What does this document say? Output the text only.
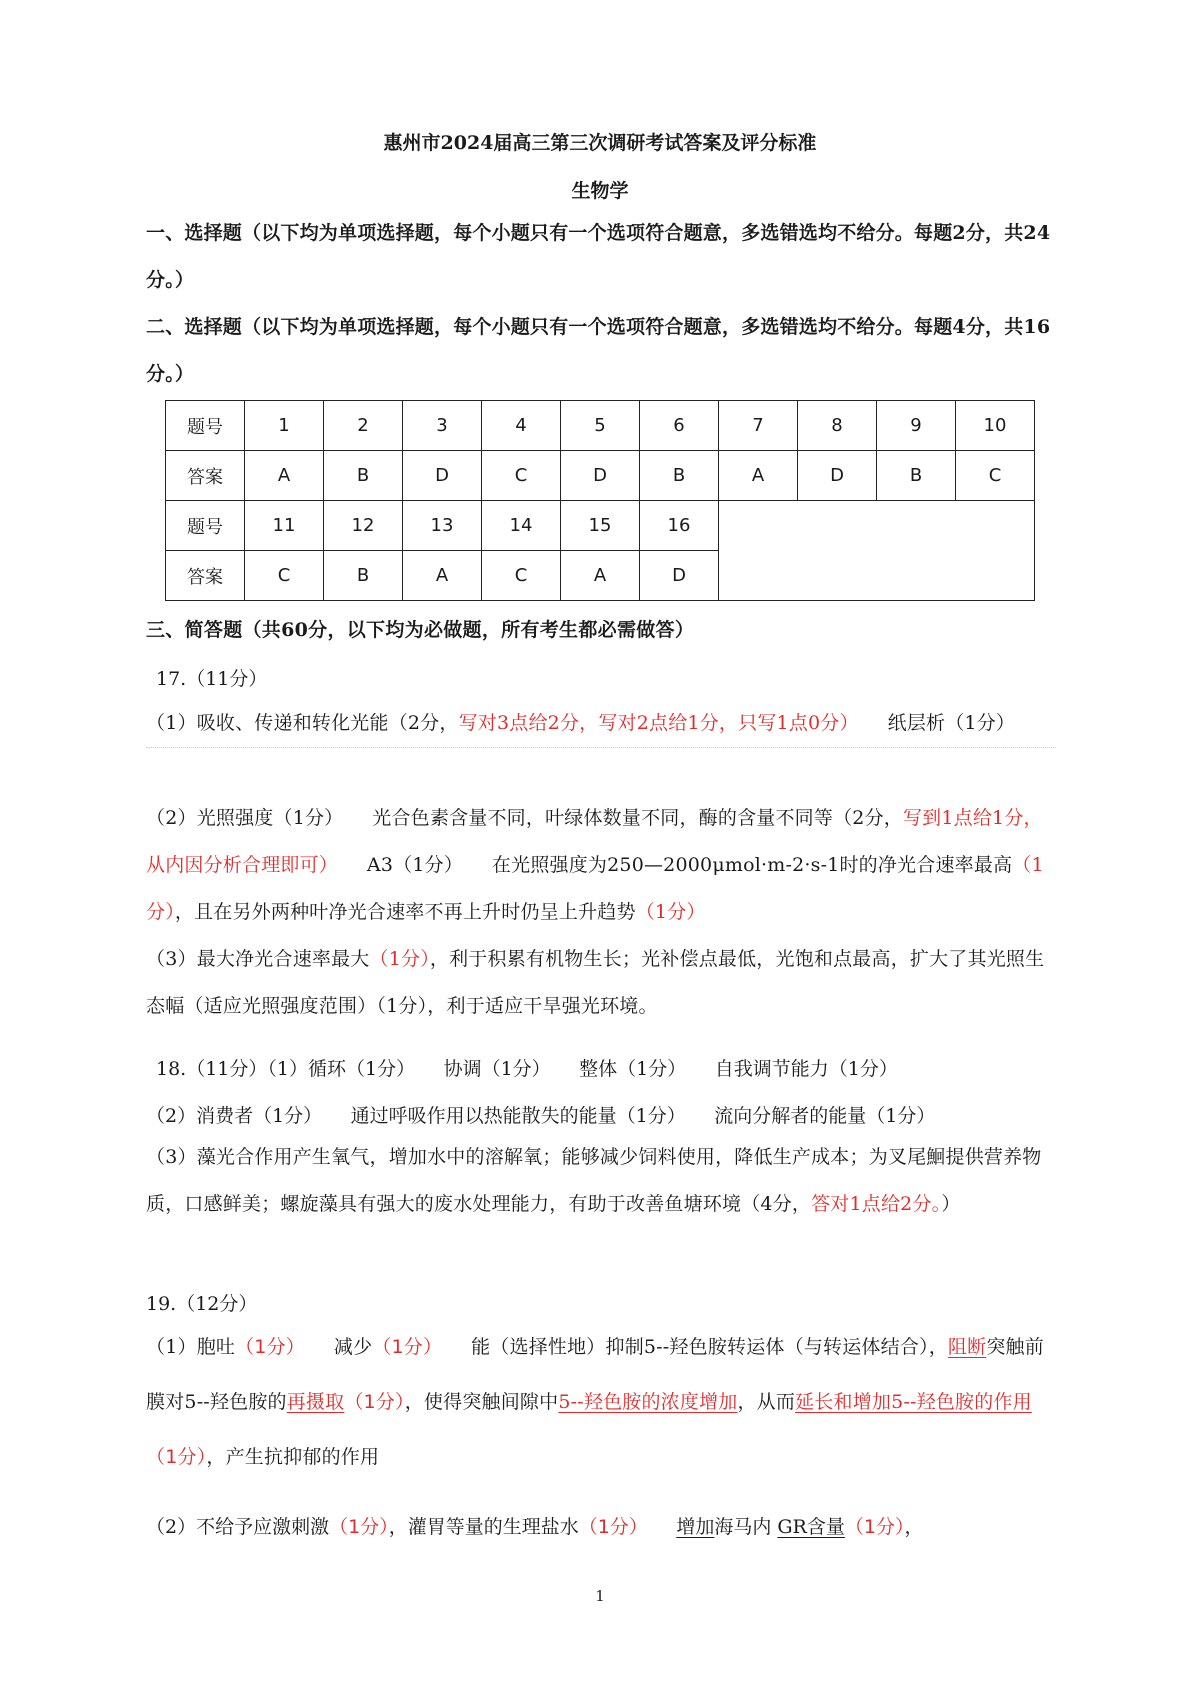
惠州市2024届高三第三次调研考试答案及评分标准
生物学
一、选择题（以下均为单项选择题，每个小题只有一个选项符合题意，多选错选均不给分。每题2分，共24分。）
二、选择题（以下均为单项选择题，每个小题只有一个选项符合题意，多选错选均不给分。每题4分，共16分。）
题号	1	2	3	4	5	6	7	8	9	10
答案	A	B	D	C	D	B	A	D	B	C
题号	11	12	13	14	15	16				
答案	C	B	A	C	A	D				
三、简答题（共60分，以下均为必做题，所有考生都必需做答）
17.（11分）
（1）吸收、传递和转化光能（2分，写对3点给2分，写对2点给1分，只写1点0分）　　纸层析（1分）
（2）光照强度（1分）　　光合色素含量不同，叶绿体数量不同，酶的含量不同等（2分，写到1点给1分，从内因分析合理即可）　　A3（1分）　　在光照强度为250—2000μmol·m-2·s-1时的净光合速率最高（1分），且在另外两种叶净光合速率不再上升时仍呈上升趋势（1分）
（3）最大净光合速率最大（1分），利于积累有机物生长；光补偿点最低，光饱和点最高，扩大了其光照生态幅（适应光照强度范围）（1分），利于适应干旱强光环境。
18.（11分）（1）循环（1分）　　协调（1分）　　整体（1分）　　自我调节能力（1分）
（2）消费者（1分）　　通过呼吸作用以热能散失的能量（1分）　　流向分解者的能量（1分）
（3）藻光合作用产生氧气，增加水中的溶解氧；能够减少饲料使用，降低生产成本；为叉尾鮰提供营养物质，口感鲜美；螺旋藻具有强大的废水处理能力，有助于改善鱼塘环境（4分，答对1点给2分。）
19.（12分）
（1）胞吐（1分）　　减少（1分）　　能（选择性地）抑制5--羟色胺转运体（与转运体结合），阻断突触前膜对5--羟色胺的再摄取（1分），使得突触间隙中5--羟色胺的浓度增加，从而延长和增加5--羟色胺的作用（1分），产生抗抑郁的作用
（2）不给予应激刺激（1分），灌胃等量的生理盐水（1分）　　 增加海马内 GR含量（1分），
1
